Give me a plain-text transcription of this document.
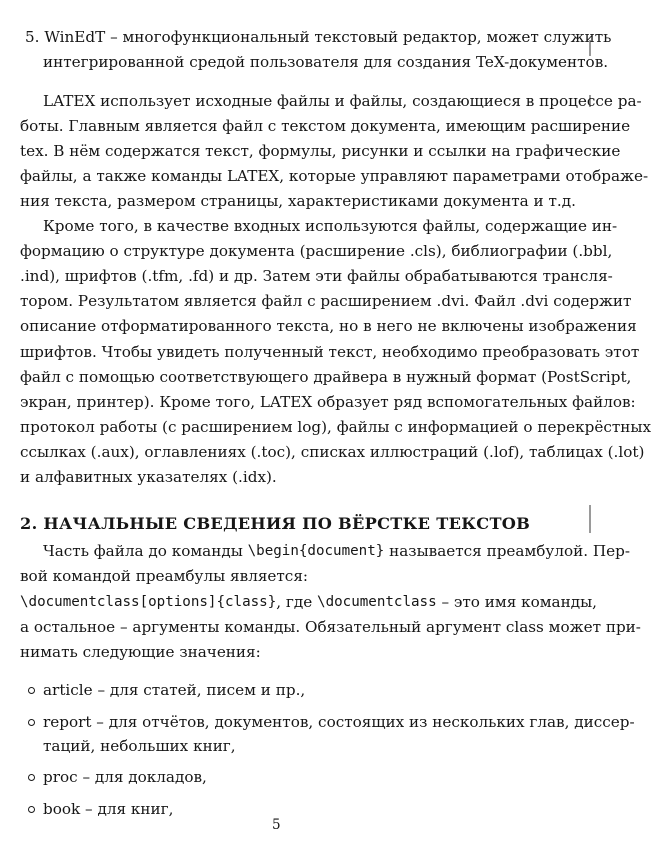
5. WinEdT – многофункциональный текстовый редактор, может служить
интегрированной средой пользователя для создания TeX-документов.
LATEX использует исходные файлы и файлы, создающиеся в процессе ра-
боты. Главным является файл с текстом документа, имеющим расширение
tex. В нём содержатся текст, формулы, рисунки и ссылки на графические
файлы, а также команды LATEX, которые управляют параметрами отображе-
ния текста, размером страницы, характеристиками документа и т.д.
Кроме того, в качестве входных используются файлы, содержащие ин-
формацию о структуре документа (расширение .cls), библиографии (.bbl,
.ind), шрифтов (.tfm, .fd) и др. Затем эти файлы обрабатываются трансля-
тором. Результатом является файл с расширением .dvi. Файл .dvi содержит
описание отформатированного текста, но в него не включены изображения
шрифтов. Чтобы увидеть полученный текст, необходимо преобразовать этот
файл с помощью соответствующего драйвера в нужный формат (PostScript,
экран, принтер). Кроме того, LATEX образует ряд вспомогательных файлов:
протокол работы (с расширением log), файлы с информацией о перекрёстных
ссылках (.aux), оглавлениях (.toc), списках иллюстраций (.lof), таблицах (.lot)
и алфавитных указателях (.idx).
2. НАЧАЛЬНЫЕ СВЕДЕНИЯ ПО ВЁРСТКЕ ТЕКСТОВ
Часть файла до команды \begin{document} называется преамбулой. Пер-
вой командой преамбулы является:
\documentclass[options]{class} , где \documentclass – это имя команды,
а остальное – аргументы команды. Обязательный аргумент class может при-
нимать следующие значения:
article – для статей, писем и пр.,
report – для отчётов, документов, состоящих из нескольких глав, диссер-
таций, небольших книг,
proc – для докладов,
book – для книг,
5
